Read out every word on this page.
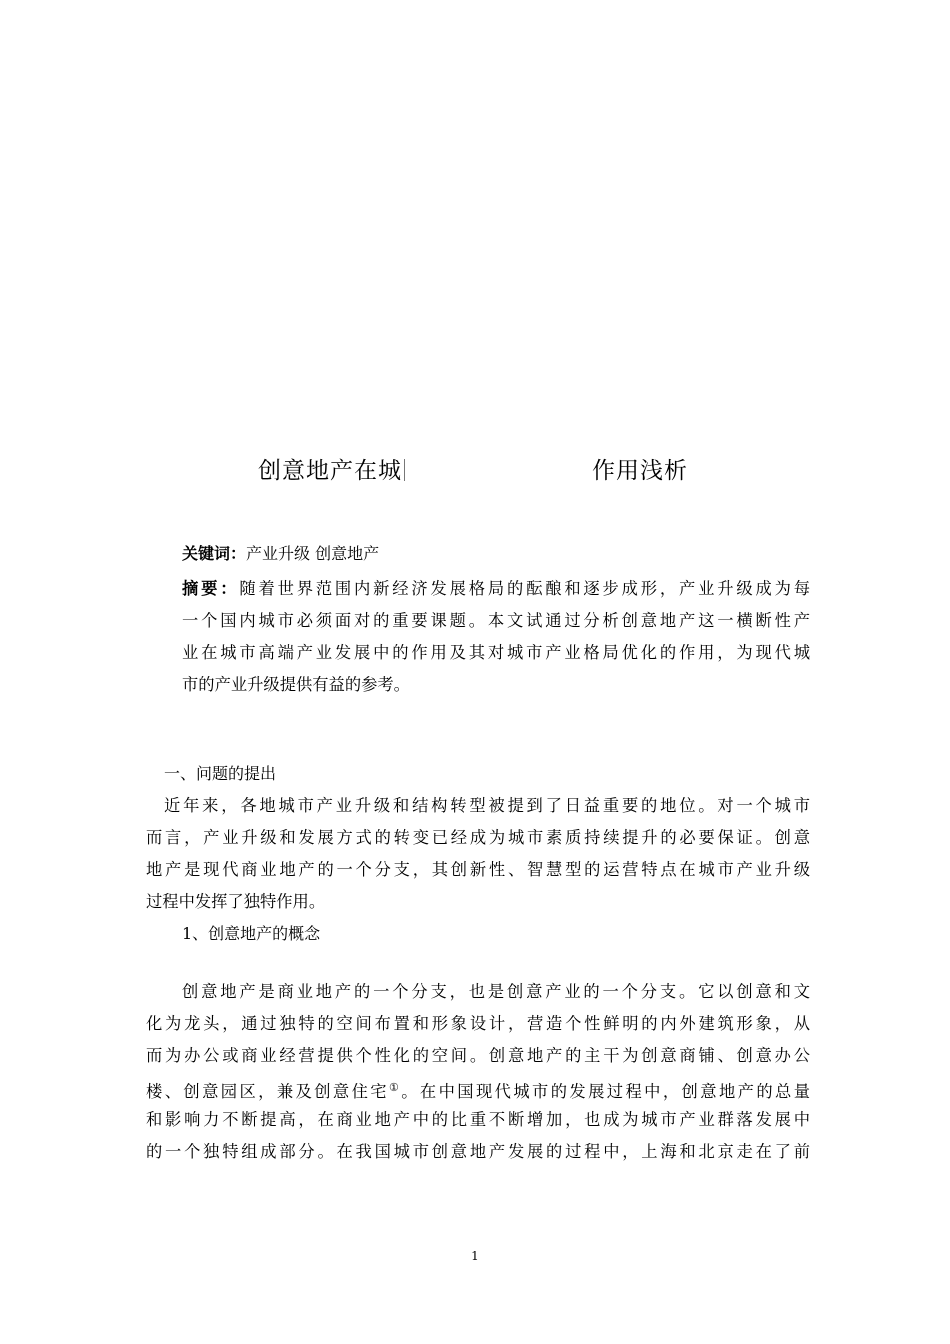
创意地产在城	作用浅析
关键词：产业升级 创意地产
摘要：随着世界范围内新经济发展格局的酝酿和逐步成形，产业升级成为每
一个国内城市必须面对的重要课题。本文试通过分析创意地产这一横断性产
业在城市高端产业发展中的作用及其对城市产业格局优化的作用，为现代城
市的产业升级提供有益的参考。
一、问题的提出
近年来，各地城市产业升级和结构转型被提到了日益重要的地位。对一个城市
而言，产业升级和发展方式的转变已经成为城市素质持续提升的必要保证。创意
地产是现代商业地产的一个分支，其创新性、智慧型的运营特点在城市产业升级
过程中发挥了独特作用。
1、创意地产的概念
创意地产是商业地产的一个分支，也是创意产业的一个分支。它以创意和文
化为龙头，通过独特的空间布置和形象设计，营造个性鲜明的内外建筑形象，从
而为办公或商业经营提供个性化的空间。创意地产的主干为创意商铺、创意办公
楼、创意园区，兼及创意住宅①。在中国现代城市的发展过程中，创意地产的总量
和影响力不断提高，在商业地产中的比重不断增加，也成为城市产业群落发展中
的一个独特组成部分。在我国城市创意地产发展的过程中，上海和北京走在了前
1
